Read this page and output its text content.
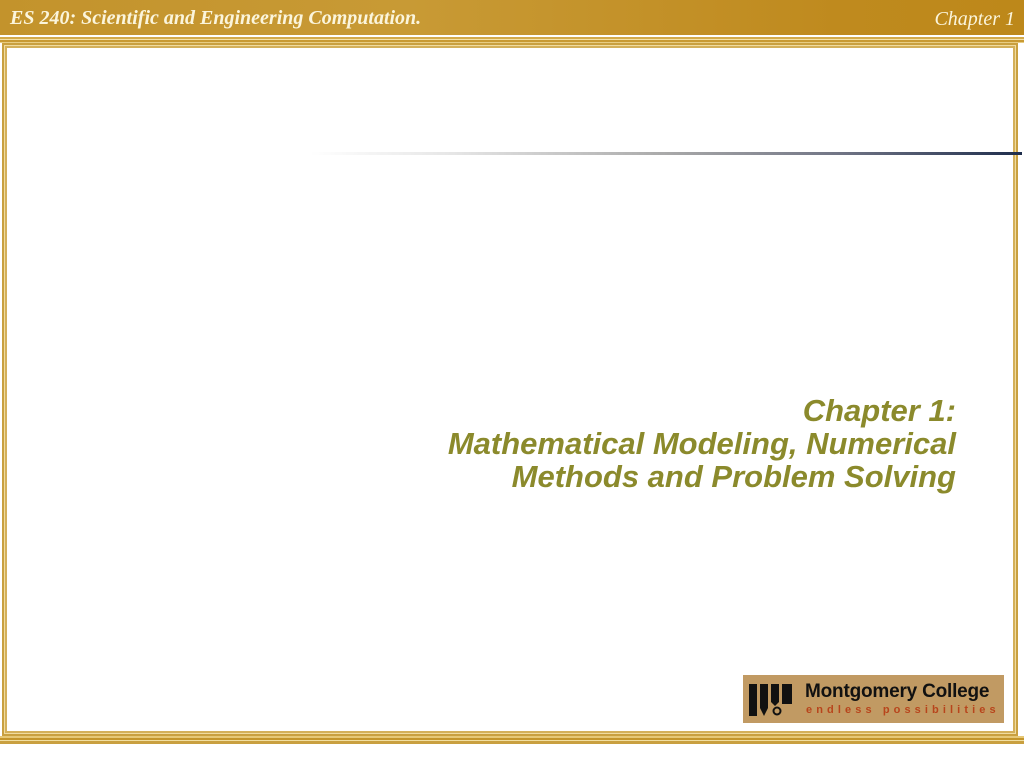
ES 240: Scientific and Engineering Computation.	Chapter 1
Chapter 1:
Mathematical Modeling, Numerical
Methods and Problem Solving
Montgomery College
endless possibilities
